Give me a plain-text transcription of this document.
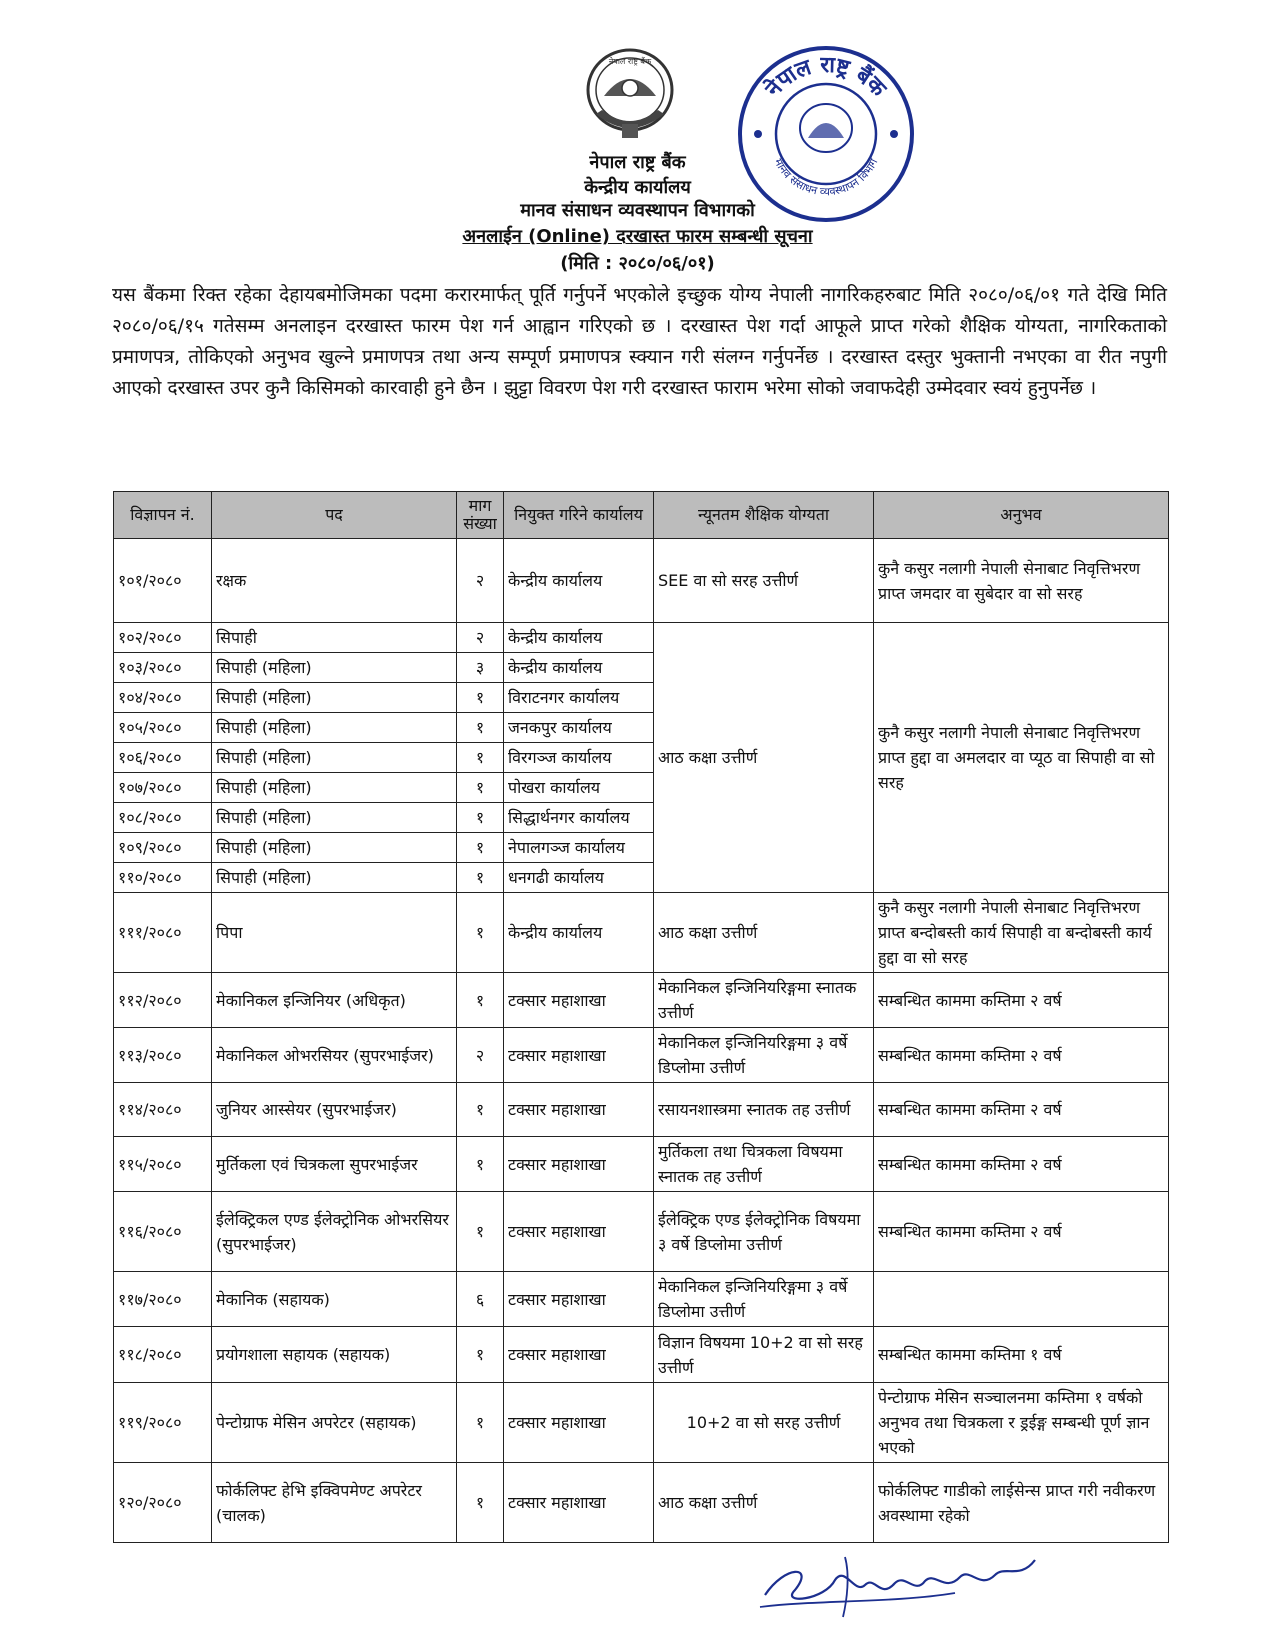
नेपाल राष्ट्र बैंक
नेपाल राष्ट्र बैंक
मानव संसाधन व्यवस्थापन विभाग
नेपाल राष्ट्र बैंक
केन्द्रीय कार्यालय
मानव संसाधन व्यवस्थापन विभागको
अनलाईन (Online) दरखास्त फारम सम्बन्धी सूचना
(मिति : २०८०/०६/०१)
यस बैंकमा रिक्त रहेका देहायबमोजिमका पदमा करारमार्फत् पूर्ति गर्नुपर्ने भएकोले इच्छुक योग्य नेपाली नागरिकहरुबाट मिति २०८०/०६/०१ गते देखि मिति २०८०/०६/१५ गतेसम्म अनलाइन दरखास्त फारम पेश गर्न आह्वान गरिएको छ । दरखास्त पेश गर्दा आफूले प्राप्त गरेको शैक्षिक योग्यता, नागरिकताको प्रमाणपत्र, तोकिएको अनुभव खुल्ने प्रमाणपत्र तथा अन्य सम्पूर्ण प्रमाणपत्र स्क्यान गरी संलग्न गर्नुपर्नेछ । दरखास्त दस्तुर भुक्तानी नभएका वा रीत नपुगी आएको दरखास्त उपर कुनै किसिमको कारवाही हुने छैन । झुट्टा विवरण पेश गरी दरखास्त फाराम भरेमा सोको जवाफदेही उम्मेदवार स्वयं हुनुपर्नेछ ।
विज्ञापन नं.	पद	माग संख्या	नियुक्त गरिने कार्यालय	न्यूनतम शैक्षिक योग्यता	अनुभव
१०१/२०८०	रक्षक	२	केन्द्रीय कार्यालय	SEE वा सो सरह उत्तीर्ण	कुनै कसुर नलागी नेपाली सेनाबाट निवृत्तिभरण प्राप्त जमदार वा सुबेदार वा सो सरह
१०२/२०८०	सिपाही	२	केन्द्रीय कार्यालय	आठ कक्षा उत्तीर्ण	कुनै कसुर नलागी नेपाली सेनाबाट निवृत्तिभरण प्राप्त हुद्दा वा अमलदार वा प्यूठ वा सिपाही वा सो सरह
१०३/२०८०	सिपाही (महिला)	३	केन्द्रीय कार्यालय		
१०४/२०८०	सिपाही (महिला)	१	विराटनगर कार्यालय		
१०५/२०८०	सिपाही (महिला)	१	जनकपुर कार्यालय		
१०६/२०८०	सिपाही (महिला)	१	विरगञ्ज कार्यालय		
१०७/२०८०	सिपाही (महिला)	१	पोखरा कार्यालय		
१०८/२०८०	सिपाही (महिला)	१	सिद्धार्थनगर कार्यालय		
१०९/२०८०	सिपाही (महिला)	१	नेपालगञ्ज कार्यालय		
११०/२०८०	सिपाही (महिला)	१	धनगढी कार्यालय		
१११/२०८०	पिपा	१	केन्द्रीय कार्यालय	आठ कक्षा उत्तीर्ण	कुनै कसुर नलागी नेपाली सेनाबाट निवृत्तिभरण प्राप्त बन्दोबस्ती कार्य सिपाही वा बन्दोबस्ती कार्य हुद्दा वा सो सरह
११२/२०८०	मेकानिकल इन्जिनियर (अधिकृत)	१	टक्सार महाशाखा	मेकानिकल इन्जिनियरिङ्गमा स्नातक उत्तीर्ण	सम्बन्धित काममा कम्तिमा २ वर्ष
११३/२०८०	मेकानिकल ओभरसियर (सुपरभाईजर)	२	टक्सार महाशाखा	मेकानिकल इन्जिनियरिङ्गमा ३ वर्षे डिप्लोमा उत्तीर्ण	सम्बन्धित काममा कम्तिमा २ वर्ष
११४/२०८०	जुनियर आस्सेयर (सुपरभाईजर)	१	टक्सार महाशाखा	रसायनशास्त्रमा स्नातक तह उत्तीर्ण	सम्बन्धित काममा कम्तिमा २ वर्ष
११५/२०८०	मुर्तिकला एवं चित्रकला सुपरभाईजर	१	टक्सार महाशाखा	मुर्तिकला तथा चित्रकला विषयमा स्नातक तह उत्तीर्ण	सम्बन्धित काममा कम्तिमा २ वर्ष
११६/२०८०	ईलेक्ट्रिकल एण्ड ईलेक्ट्रोनिक ओभरसियर (सुपरभाईजर)	१	टक्सार महाशाखा	ईलेक्ट्रिक एण्ड ईलेक्ट्रोनिक विषयमा ३ वर्षे डिप्लोमा उत्तीर्ण	सम्बन्धित काममा कम्तिमा २ वर्ष
११७/२०८०	मेकानिक (सहायक)	६	टक्सार महाशाखा	मेकानिकल इन्जिनियरिङ्गमा ३ वर्षे डिप्लोमा उत्तीर्ण	
११८/२०८०	प्रयोगशाला सहायक (सहायक)	१	टक्सार महाशाखा	विज्ञान विषयमा 10+2 वा सो सरह उत्तीर्ण	सम्बन्धित काममा कम्तिमा १ वर्ष
११९/२०८०	पेन्टोग्राफ मेसिन अपरेटर (सहायक)	१	टक्सार महाशाखा	10+2 वा सो सरह उत्तीर्ण	पेन्टोग्राफ मेसिन सञ्चालनमा कम्तिमा १ वर्षको अनुभव तथा चित्रकला र ड्रईङ्ग सम्बन्धी पूर्ण ज्ञान भएको
१२०/२०८०	फोर्कलिफ्ट हेभि इक्विपमेण्ट अपरेटर (चालक)	१	टक्सार महाशाखा	आठ कक्षा उत्तीर्ण	फोर्कलिफ्ट गाडीको लाईसेन्स प्राप्त गरी नवीकरण अवस्थामा रहेको
